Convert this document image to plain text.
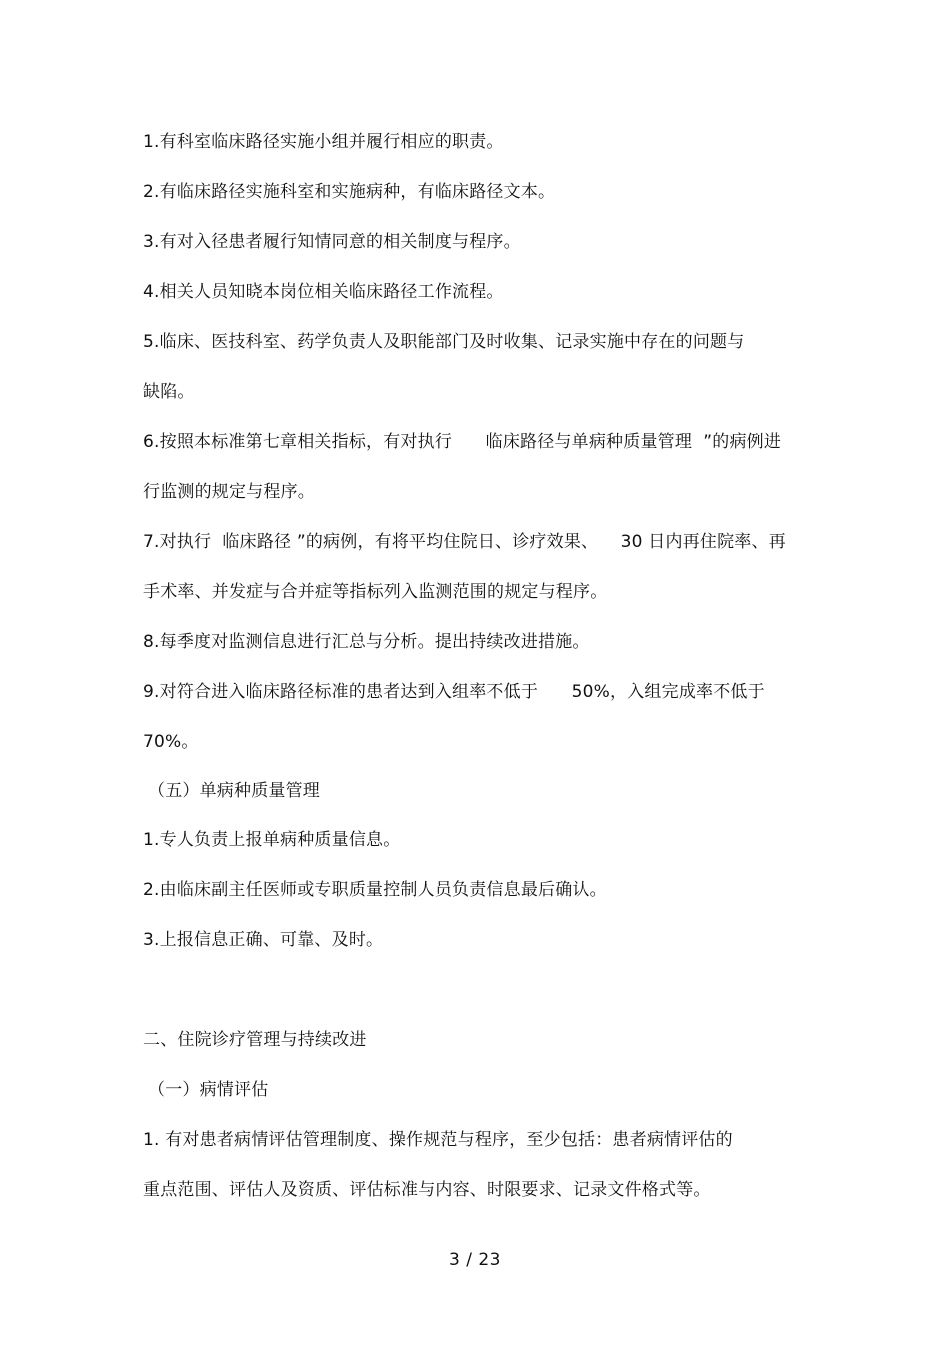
1.有科室临床路径实施小组并履行相应的职责。
2.有临床路径实施科室和实施病种，有临床路径文本。
3.有对入径患者履行知情同意的相关制度与程序。
4.相关人员知晓本岗位相关临床路径工作流程。
5.临床、医技科室、药学负责人及职能部门及时收集、记录实施中存在的问题与
缺陷。
6.按照本标准第七章相关指标，有对执行      临床路径与单病种质量管理  ”的病例进
行监测的规定与程序。
7.对执行  临床路径 ”的病例，有将平均住院日、诊疗效果、    30 日内再住院率、再
手术率、并发症与合并症等指标列入监测范围的规定与程序。
8.每季度对监测信息进行汇总与分析。提出持续改进措施。
9.对符合进入临床路径标准的患者达到入组率不低于      50%，入组完成率不低于
70%。
（五）单病种质量管理
1.专人负责上报单病种质量信息。
2.由临床副主任医师或专职质量控制人员负责信息最后确认。
3.上报信息正确、可靠、及时。
二、住院诊疗管理与持续改进
（一）病情评估
1. 有对患者病情评估管理制度、操作规范与程序，至少包括：患者病情评估的
重点范围、评估人及资质、评估标准与内容、时限要求、记录文件格式等。
3 / 23
